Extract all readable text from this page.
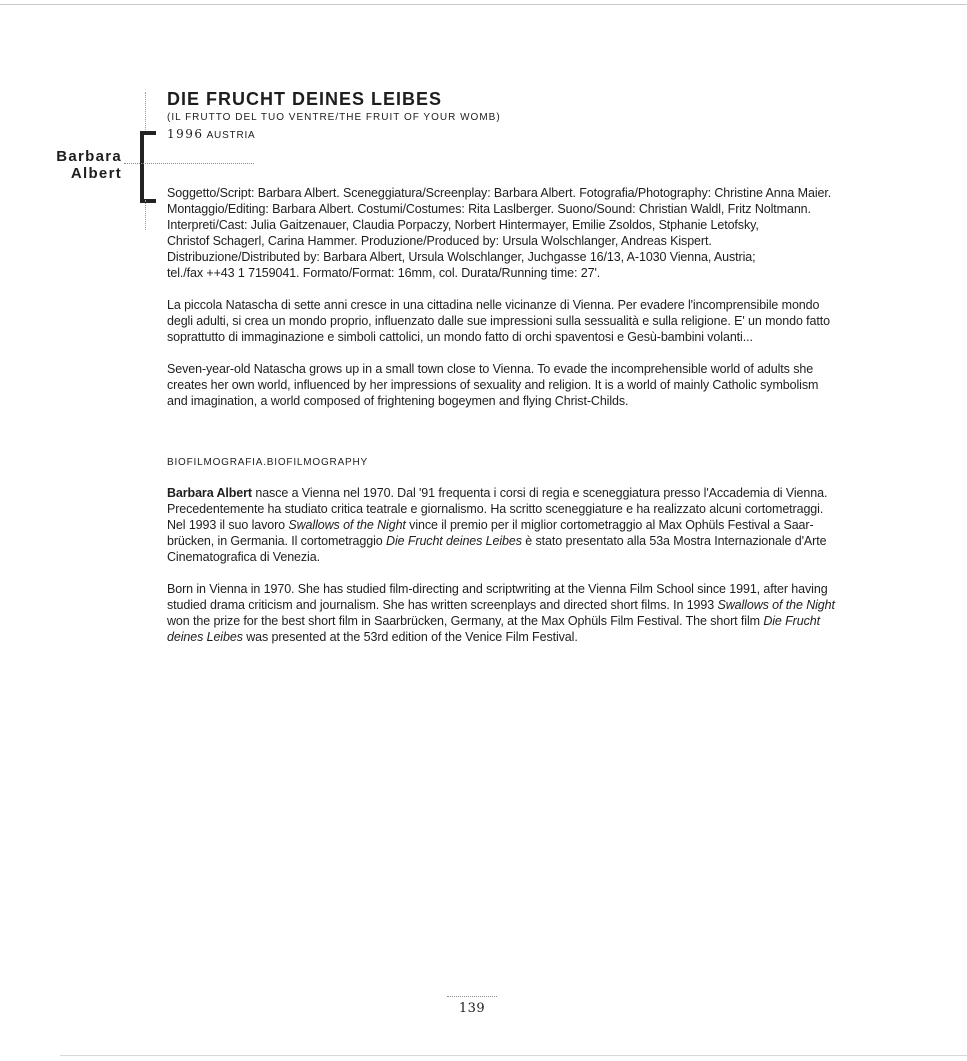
Barbara
Albert
DIE FRUCHT DEINES LEIBES
(IL FRUTTO DEL TUO VENTRE/THE FRUIT OF YOUR WOMB)
1996 AUSTRIA

Soggetto/Script: Barbara Albert. Sceneggiatura/Screenplay: Barbara Albert. Fotografia/Photography: Christine Anna Maier.
Montaggio/Editing: Barbara Albert. Costumi/Costumes: Rita Laslberger. Suono/Sound: Christian Waldl, Fritz Noltmann.
Interpreti/Cast: Julia Gaitzenauer, Claudia Porpaczy, Norbert Hintermayer, Emilie Zsoldos, Stphanie Letofsky,
Christof Schagerl, Carina Hammer. Produzione/Produced by: Ursula Wolschlanger, Andreas Kispert.
Distribuzione/Distributed by: Barbara Albert, Ursula Wolschlanger, Juchgasse 16/13, A-1030 Vienna, Austria;
tel./fax ++43 1 7159041. Formato/Format: 16mm, col. Durata/Running time: 27'.

La piccola Natascha di sette anni cresce in una cittadina nelle vicinanze di Vienna. Per evadere l'incomprensibile mondo
degli adulti, si crea un mondo proprio, influenzato dalle sue impressioni sulla sessualità e sulla religione. E' un mondo fatto
soprattutto di immaginazione e simboli cattolici, un mondo fatto di orchi spaventosi e Gesù-bambini volanti...

Seven-year-old Natascha grows up in a small town close to Vienna. To evade the incomprehensible world of adults she
creates her own world, influenced by her impressions of sexuality and religion. It is a world of mainly Catholic symbolism
and imagination, a world composed of frightening bogeymen and flying Christ-Childs.

BIOFILMOGRAFIA.BIOFILMOGRAPHY

Barbara Albert nasce a Vienna nel 1970. Dal '91 frequenta i corsi di regia e sceneggiatura presso l'Accademia di Vienna.
Precedentemente ha studiato critica teatrale e giornalismo. Ha scritto sceneggiature e ha realizzato alcuni cortometraggi.
Nel 1993 il suo lavoro Swallows of the Night vince il premio per il miglior cortometraggio al Max Ophüls Festival a Saar-
brücken, in Germania. Il cortometraggio Die Frucht deines Leibes è stato presentato alla 53a Mostra Internazionale d'Arte
Cinematografica di Venezia.

Born in Vienna in 1970. She has studied film-directing and scriptwriting at the Vienna Film School since 1991, after having
studied drama criticism and journalism. She has written screenplays and directed short films. In 1993 Swallows of the Night
won the prize for the best short film in Saarbrücken, Germany, at the Max Ophüls Film Festival. The short film Die Frucht
deines Leibes was presented at the 53rd edition of the Venice Film Festival.

139
